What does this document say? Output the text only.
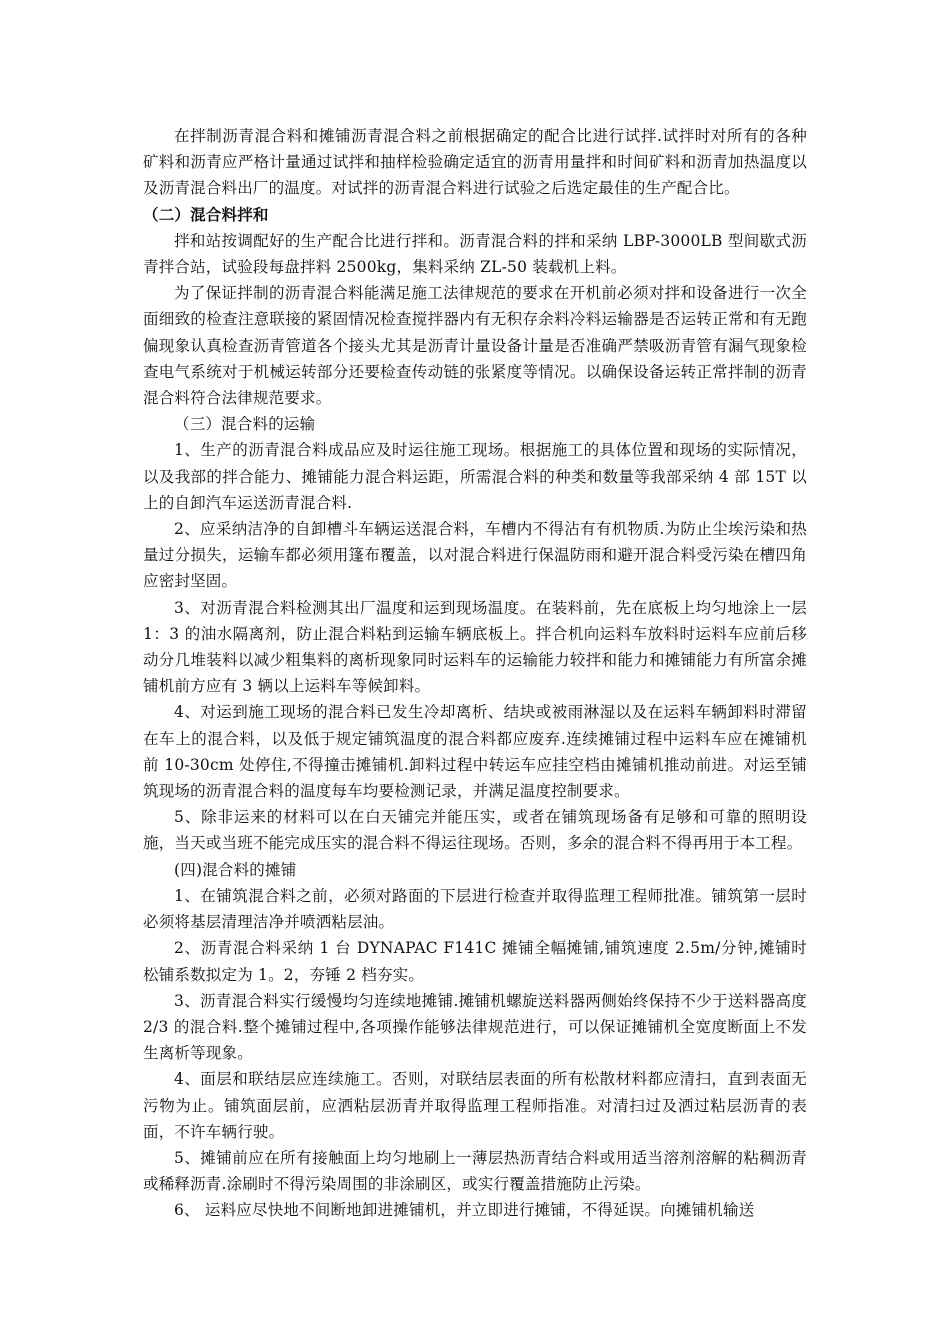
在拌制沥青混合料和摊铺沥青混合料之前根据确定的配合比进行试拌.试拌时对所有的各种矿料和沥青应严格计量通过试拌和抽样检验确定适宜的沥青用量拌和时间矿料和沥青加热温度以及沥青混合料出厂的温度。对试拌的沥青混合料进行试验之后选定最佳的生产配合比。

（二）混合料拌和

拌和站按调配好的生产配合比进行拌和。沥青混合料的拌和采纳 LBP-3000LB 型间歇式沥青拌合站，试验段每盘拌料 2500kg，集料采纳 ZL-50 装载机上料。

为了保证拌制的沥青混合料能满足施工法律规范的要求在开机前必须对拌和设备进行一次全面细致的检查注意联接的紧固情况检查搅拌器内有无积存余料冷料运输器是否运转正常和有无跑偏现象认真检查沥青管道各个接头尤其是沥青计量设备计量是否准确严禁吸沥青管有漏气现象检查电气系统对于机械运转部分还要检查传动链的张紧度等情况。以确保设备运转正常拌制的沥青混合料符合法律规范要求。

（三）混合料的运输

1、生产的沥青混合料成品应及时运往施工现场。根据施工的具体位置和现场的实际情况，以及我部的拌合能力、摊铺能力混合料运距，所需混合料的种类和数量等我部采纳 4 部 15T 以上的自卸汽车运送沥青混合料.

2、应采纳洁净的自卸槽斗车辆运送混合料，车槽内不得沾有有机物质.为防止尘埃污染和热量过分损失，运输车都必须用篷布覆盖，以对混合料进行保温防雨和避开混合料受污染在槽四角应密封坚固。

3、对沥青混合料检测其出厂温度和运到现场温度。在装料前，先在底板上均匀地涂上一层 1：3 的油水隔离剂，防止混合料粘到运输车辆底板上。拌合机向运料车放料时运料车应前后移动分几堆装料以减少粗集料的离析现象同时运料车的运输能力较拌和能力和摊铺能力有所富余摊铺机前方应有 3 辆以上运料车等候卸料。

4、对运到施工现场的混合料已发生冷却离析、结块或被雨淋湿以及在运料车辆卸料时滞留在车上的混合料，以及低于规定铺筑温度的混合料都应废弃.连续摊铺过程中运料车应在摊铺机前 10-30cm 处停住,不得撞击摊铺机.卸料过程中转运车应挂空档由摊铺机推动前进。对运至铺筑现场的沥青混合料的温度每车均要检测记录，并满足温度控制要求。

5、除非运来的材料可以在白天铺完并能压实，或者在铺筑现场备有足够和可靠的照明设施，当天或当班不能完成压实的混合料不得运往现场。否则，多余的混合料不得再用于本工程。

(四)混合料的摊铺

1、在铺筑混合料之前，必须对路面的下层进行检查并取得监理工程师批准。铺筑第一层时必须将基层清理洁净并喷洒粘层油。

2、沥青混合料采纳 1 台 DYNAPAC F141C 摊铺全幅摊铺,铺筑速度 2.5m/分钟,摊铺时松铺系数拟定为 1。2，夯锤 2 档夯实。

3、沥青混合料实行缓慢均匀连续地摊铺.摊铺机螺旋送料器两侧始终保持不少于送料器高度 2/3 的混合料.整个摊铺过程中,各项操作能够法律规范进行，可以保证摊铺机全宽度断面上不发生离析等现象。

4、面层和联结层应连续施工。否则，对联结层表面的所有松散材料都应清扫，直到表面无污物为止。铺筑面层前，应洒粘层沥青并取得监理工程师指准。对清扫过及洒过粘层沥青的表面，不许车辆行驶。

5、摊铺前应在所有接触面上均匀地刷上一薄层热沥青结合料或用适当溶剂溶解的粘稠沥青或稀释沥青.涂刷时不得污染周围的非涂刷区，或实行覆盖措施防止污染。

6、 运料应尽快地不间断地卸进摊铺机，并立即进行摊铺，不得延误。向摊铺机输送
